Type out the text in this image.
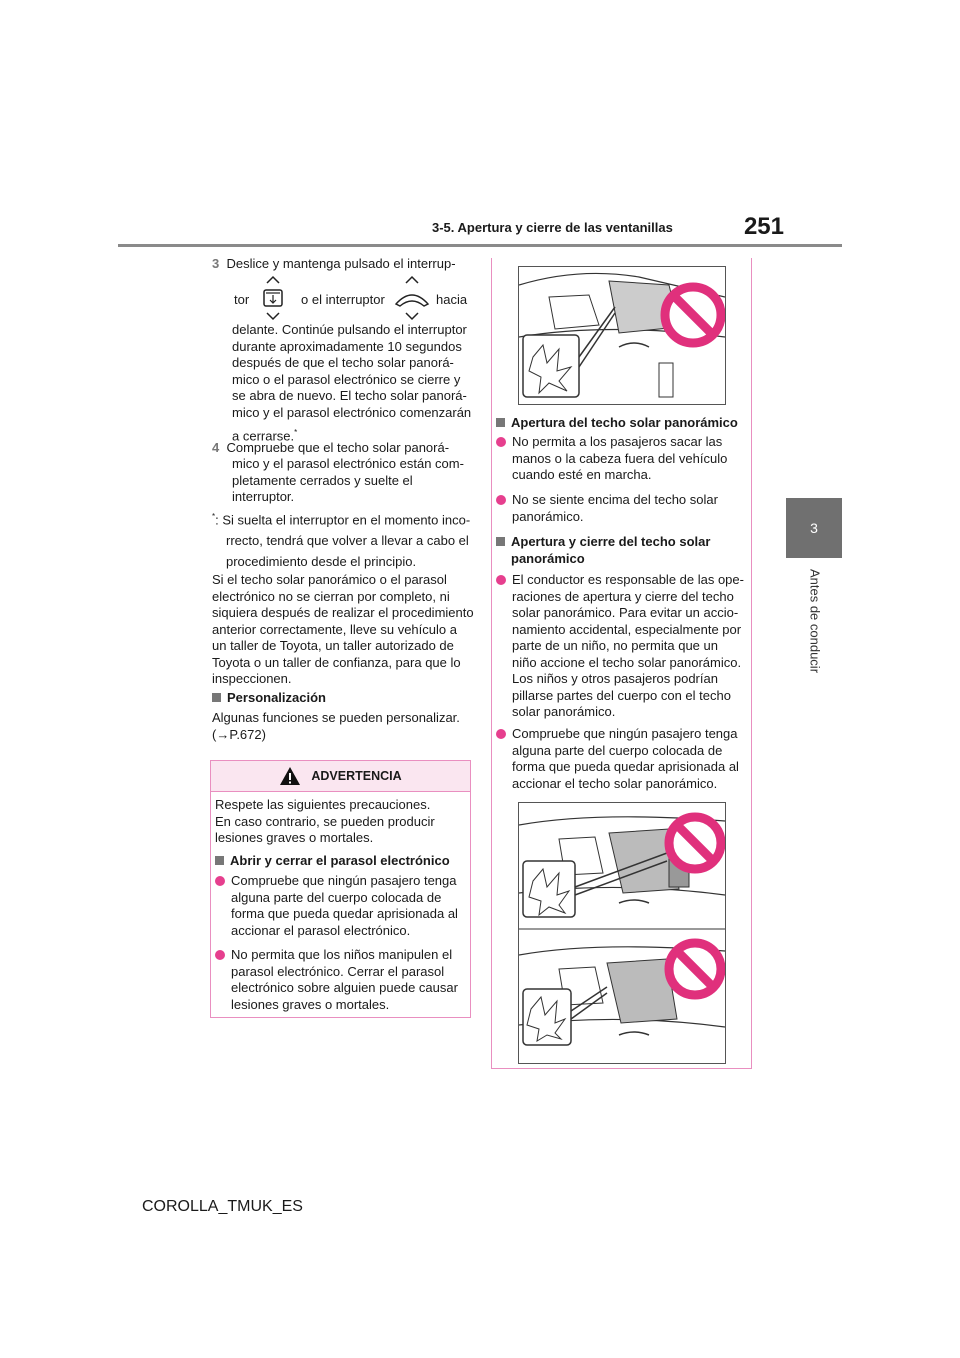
3-5. Apertura y cierre de las ventanillas	251
3
Antes de conducir
3 Deslice y mantenga pulsado el interrup-
tor	o el interruptor	hacia
delante. Continúe pulsando el interruptor
durante aproximadamente 10 segundos
después de que el techo solar panorá-
mico o el parasol electrónico se cierre y
se abra de nuevo. El techo solar panorá-
mico y el parasol electrónico comenzarán
a cerrarse.*
4 Compruebe que el techo solar panorá-
mico y el parasol electrónico están com-
pletamente cerrados y suelte el
interruptor.
*: Si suelta el interruptor en el momento inco-
rrecto, tendrá que volver a llevar a cabo el
procedimiento desde el principio.
Si el techo solar panorámico o el parasol
electrónico no se cierran por completo, ni
siquiera después de realizar el procedimiento
anterior correctamente, lleve su vehículo a
un taller de Toyota, un taller autorizado de
Toyota o un taller de confianza, para que lo
inspeccionen.
Personalización
Algunas funciones se pueden personalizar.
(→P.672)
ADVERTENCIA
Respete las siguientes precauciones.
En caso contrario, se pueden producir
lesiones graves o mortales.
Abrir y cerrar el parasol electrónico
Compruebe que ningún pasajero tenga
alguna parte del cuerpo colocada de
forma que pueda quedar aprisionada al
accionar el parasol electrónico.
No permita que los niños manipulen el
parasol electrónico. Cerrar el parasol
electrónico sobre alguien puede causar
lesiones graves o mortales.
Apertura del techo solar panorámico
No permita a los pasajeros sacar las
manos o la cabeza fuera del vehículo
cuando esté en marcha.
No se siente encima del techo solar
panorámico.
Apertura y cierre del techo solar
panorámico
El conductor es responsable de las ope-
raciones de apertura y cierre del techo
solar panorámico. Para evitar un accio-
namiento accidental, especialmente por
parte de un niño, no permita que un
niño accione el techo solar panorámico.
Los niños y otros pasajeros podrían
pillarse partes del cuerpo con el techo
solar panorámico.
Compruebe que ningún pasajero tenga
alguna parte del cuerpo colocada de
forma que pueda quedar aprisionada al
accionar el techo solar panorámico.
COROLLA_TMUK_ES
